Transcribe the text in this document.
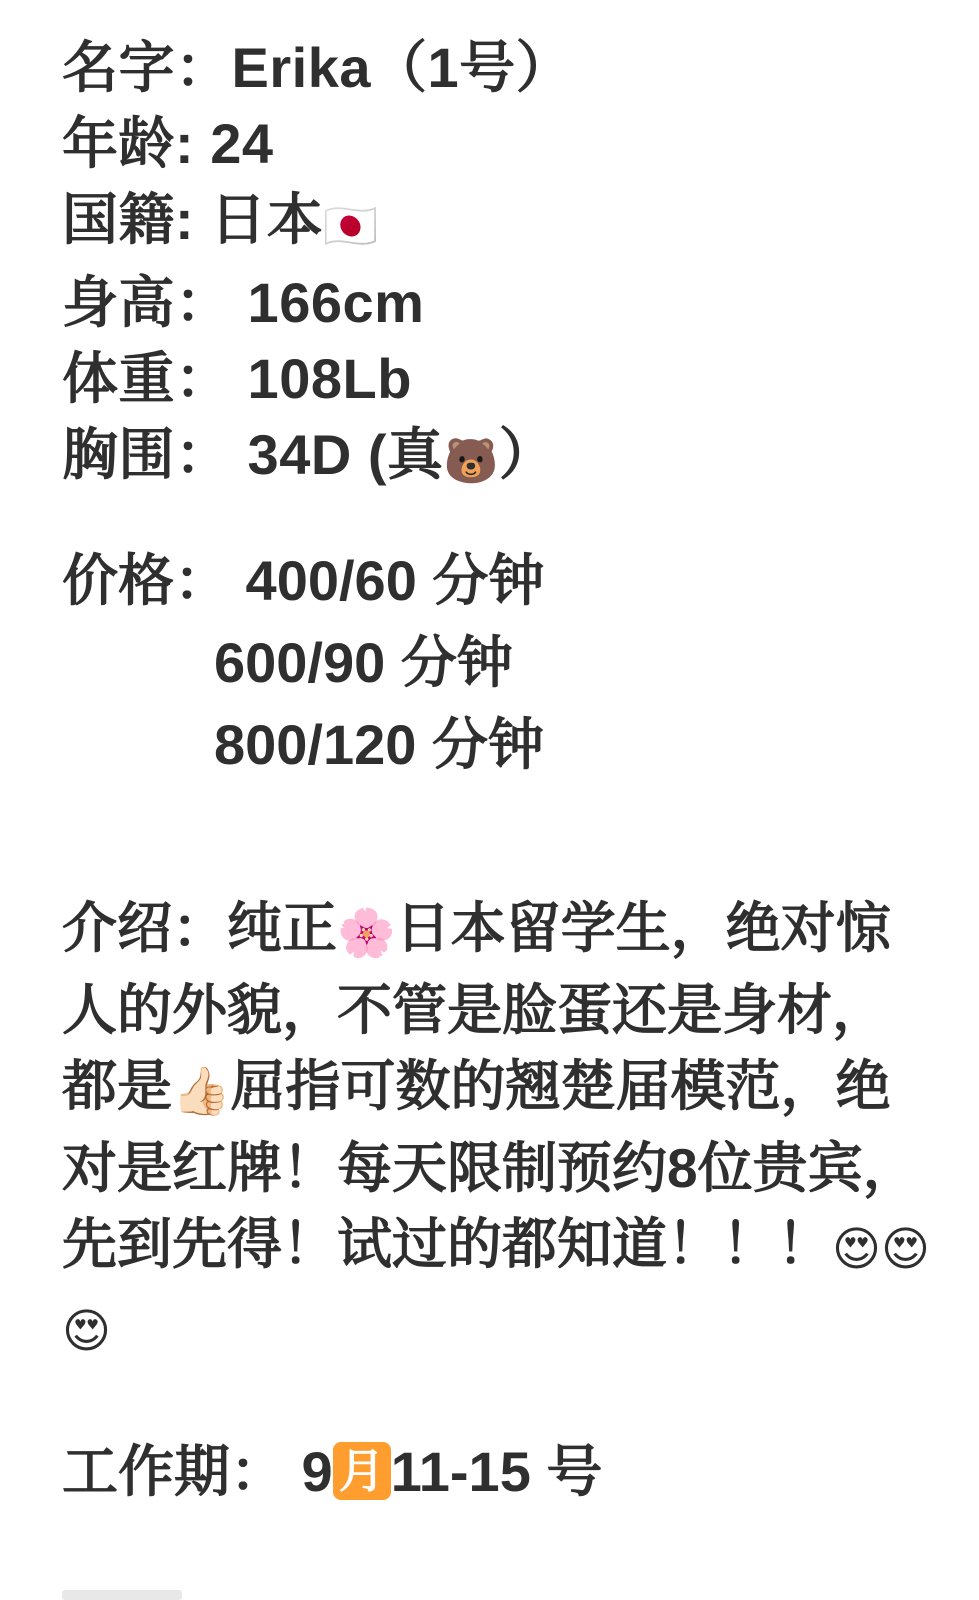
名字：Erika（1号）
年龄: 24
国籍: 日本🇯🇵
身高： 166cm
体重： 108Lb
胸围： 34D (真🐻）
价格： 400/60 分钟
600/90 分钟
800/120 分钟
介绍：纯正🌸日本留学生，绝对惊人的外貌，不管是脸蛋还是身材，都是👍🏻屈指可数的翘楚届模范，绝对是红牌！每天限制预约8位贵宾，先到先得！试过的都知道！！！😍😍😍
工作期： 9 月 11-15 号
